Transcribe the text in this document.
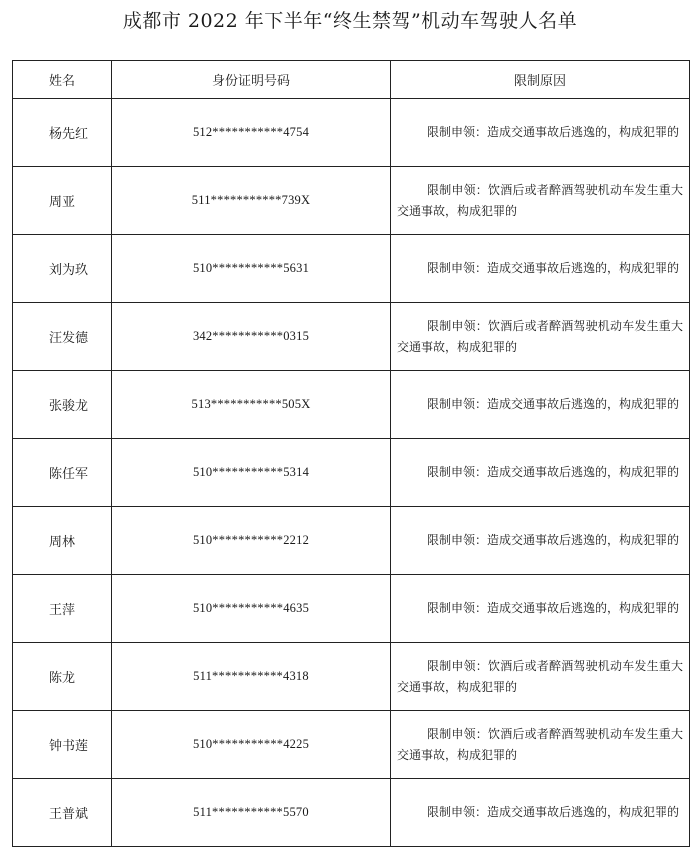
成都市 2022 年下半年“终生禁驾”机动车驾驶人名单
姓名	身份证明号码	限制原因
杨先红	512***********4754	限制申领：造成交通事故后逃逸的，构成犯罪的

周亚	511***********739X	限制申领：饮酒后或者醉酒驾驶机动车发生重大交通事故，构成犯罪的

刘为玖	510***********5631	限制申领：造成交通事故后逃逸的，构成犯罪的

汪发德	342***********0315	限制申领：饮酒后或者醉酒驾驶机动车发生重大交通事故，构成犯罪的

张骏龙	513***********505X	限制申领：造成交通事故后逃逸的，构成犯罪的

陈任军	510***********5314	限制申领：造成交通事故后逃逸的，构成犯罪的

周林	510***********2212	限制申领：造成交通事故后逃逸的，构成犯罪的

王萍	510***********4635	限制申领：造成交通事故后逃逸的，构成犯罪的

陈龙	511***********4318	限制申领：饮酒后或者醉酒驾驶机动车发生重大交通事故，构成犯罪的

钟书莲	510***********4225	限制申领：饮酒后或者醉酒驾驶机动车发生重大交通事故，构成犯罪的

王普斌	511***********5570	限制申领：造成交通事故后逃逸的，构成犯罪的
